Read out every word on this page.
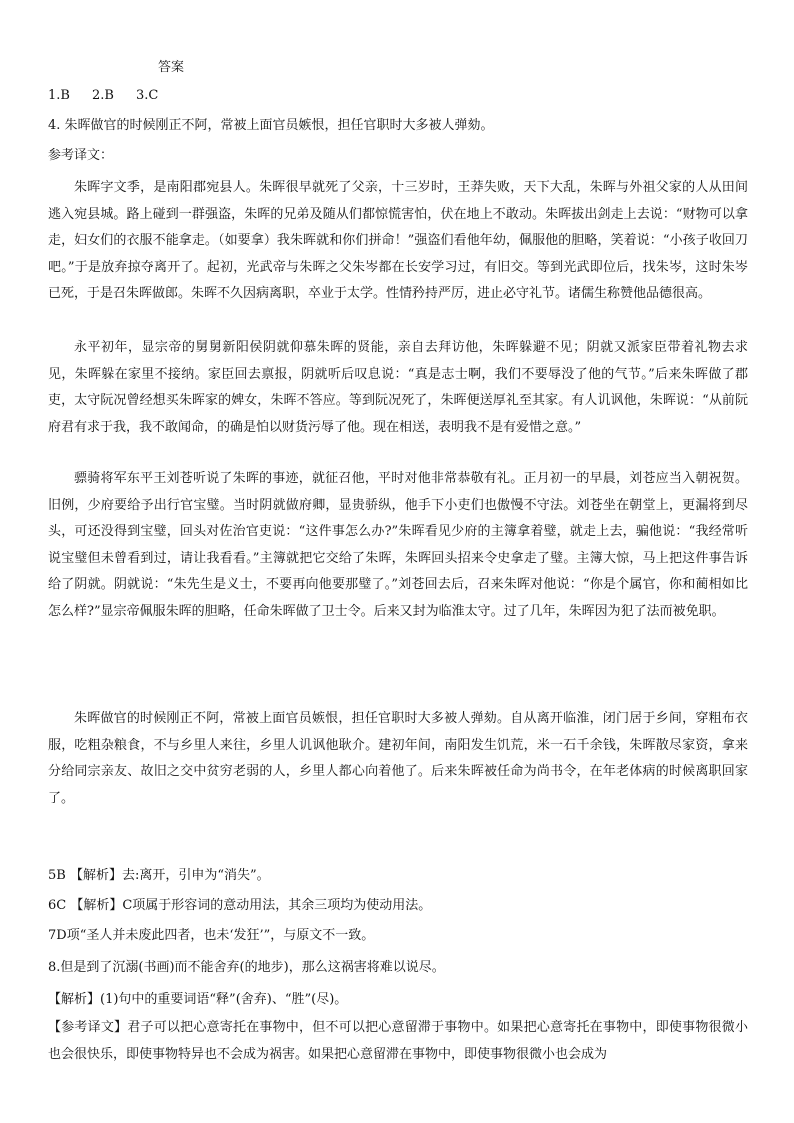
答案
1.B 2.B 3.C
4. 朱晖做官的时候刚正不阿，常被上面官员嫉恨，担任官职时大多被人弹劾。
参考译文：
朱晖字文季，是南阳郡宛县人。朱晖很早就死了父亲，十三岁时，王莽失败，天下大乱，朱晖与外祖父家的人从田间逃入宛县城。路上碰到一群强盗，朱晖的兄弟及随从们都惊慌害怕，伏在地上不敢动。朱晖拔出剑走上去说：“财物可以拿走，妇女们的衣服不能拿走。（如要拿）我朱晖就和你们拼命！”强盗们看他年幼，佩服他的胆略，笑着说：“小孩子收回刀吧。”于是放弃掠夺离开了。起初，光武帝与朱晖之父朱岑都在长安学习过，有旧交。等到光武即位后，找朱岑，这时朱岑已死，于是召朱晖做郎。朱晖不久因病离职，卒业于太学。性情矜持严厉，进止必守礼节。诸儒生称赞他品德很高。
永平初年，显宗帝的舅舅新阳侯阴就仰慕朱晖的贤能，亲自去拜访他，朱晖躲避不见；阴就又派家臣带着礼物去求见，朱晖躲在家里不接纳。家臣回去禀报，阴就听后叹息说：“真是志士啊，我们不要辱没了他的气节。”后来朱晖做了郡吏，太守阮况曾经想买朱晖家的婢女，朱晖不答应。等到阮况死了，朱晖便送厚礼至其家。有人讥讽他，朱晖说：“从前阮府君有求于我，我不敢闻命，的确是怕以财货污辱了他。现在相送，表明我不是有爱惜之意。”
骠骑将军东平王刘苍听说了朱晖的事迹，就征召他，平时对他非常恭敬有礼。正月初一的早晨，刘苍应当入朝祝贺。旧例，少府要给予出行官宝璧。当时阴就做府卿，显贵骄纵，他手下小吏们也傲慢不守法。刘苍坐在朝堂上，更漏将到尽头，可还没得到宝璧，回头对佐治官吏说：“这件事怎么办?”朱晖看见少府的主簿拿着璧，就走上去，骗他说：“我经常听说宝璧但未曾看到过，请让我看看。”主簿就把它交给了朱晖，朱晖回头招来令史拿走了璧。主簿大惊，马上把这件事告诉给了阴就。阴就说：“朱先生是义士，不要再向他要那璧了。”刘苍回去后，召来朱晖对他说：“你是个属官，你和蔺相如比怎么样?”显宗帝佩服朱晖的胆略，任命朱晖做了卫士令。后来又封为临淮太守。过了几年，朱晖因为犯了法而被免职。
朱晖做官的时候刚正不阿，常被上面官员嫉恨，担任官职时大多被人弹劾。自从离开临淮，闭门居于乡间，穿粗布衣服，吃粗杂粮食，不与乡里人来往，乡里人讥讽他耿介。建初年间，南阳发生饥荒，米一石千余钱，朱晖散尽家资，拿来分给同宗亲友、故旧之交中贫穷老弱的人，乡里人都心向着他了。后来朱晖被任命为尚书令，在年老体病的时候离职回家了。
5B 【解析】去:离开，引申为“消失”。
6C 【解析】C项属于形容词的意动用法，其余三项均为使动用法。
7D项“圣人并未废此四者，也未‘发狂’”，与原文不一致。
8.但是到了沉溺(书画)而不能舍弃(的地步)，那么这祸害将难以说尽。
【解析】(1)句中的重要词语“释”(舍弃)、“胜”(尽)。
【参考译文】君子可以把心意寄托在事物中，但不可以把心意留滞于事物中。如果把心意寄托在事物中，即使事物很微小也会很快乐，即使事物特异也不会成为祸害。如果把心意留滞在事物中，即使事物很微小也会成为
